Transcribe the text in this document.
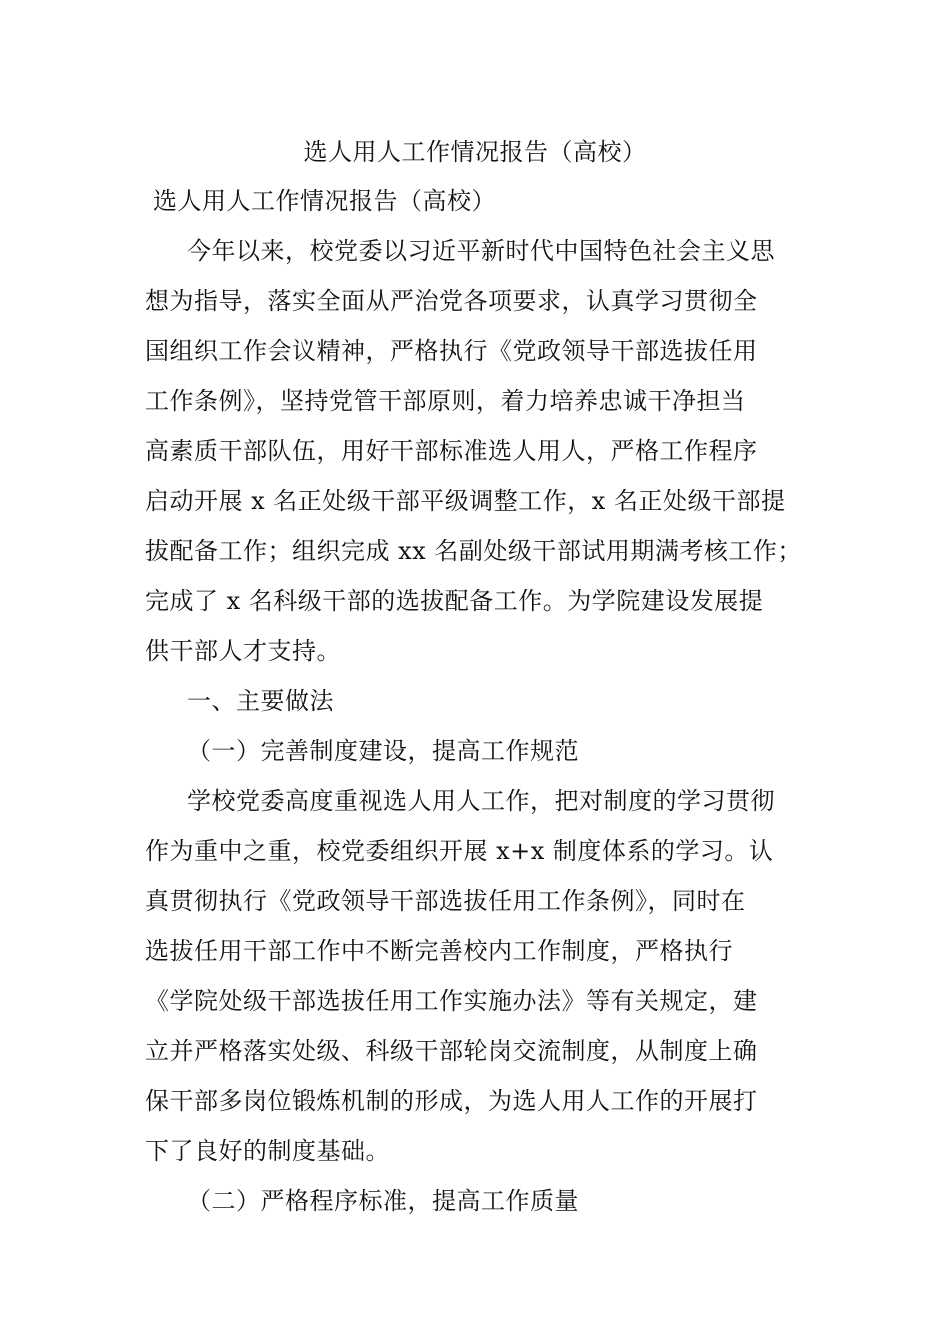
选人用人工作情况报告（高校）
选人用人工作情况报告（高校）
今年以来，校党委以习近平新时代中国特色社会主义思
想为指导，落实全面从严治党各项要求，认真学习贯彻全
国组织工作会议精神，严格执行《党政领导干部选拔任用
工作条例》，坚持党管干部原则，着力培养忠诚干净担当
高素质干部队伍，用好干部标准选人用人，严格工作程序
启动开展 x 名正处级干部平级调整工作，x 名正处级干部提
拔配备工作；组织完成 xx 名副处级干部试用期满考核工作；
完成了 x 名科级干部的选拔配备工作。为学院建设发展提
供干部人才支持。
一、主要做法
（一）完善制度建设，提高工作规范
学校党委高度重视选人用人工作，把对制度的学习贯彻
作为重中之重，校党委组织开展 x+x 制度体系的学习。认
真贯彻执行《党政领导干部选拔任用工作条例》，同时在
选拔任用干部工作中不断完善校内工作制度，严格执行
《学院处级干部选拔任用工作实施办法》等有关规定，建
立并严格落实处级、科级干部轮岗交流制度，从制度上确
保干部多岗位锻炼机制的形成，为选人用人工作的开展打
下了良好的制度基础。
（二）严格程序标准，提高工作质量
